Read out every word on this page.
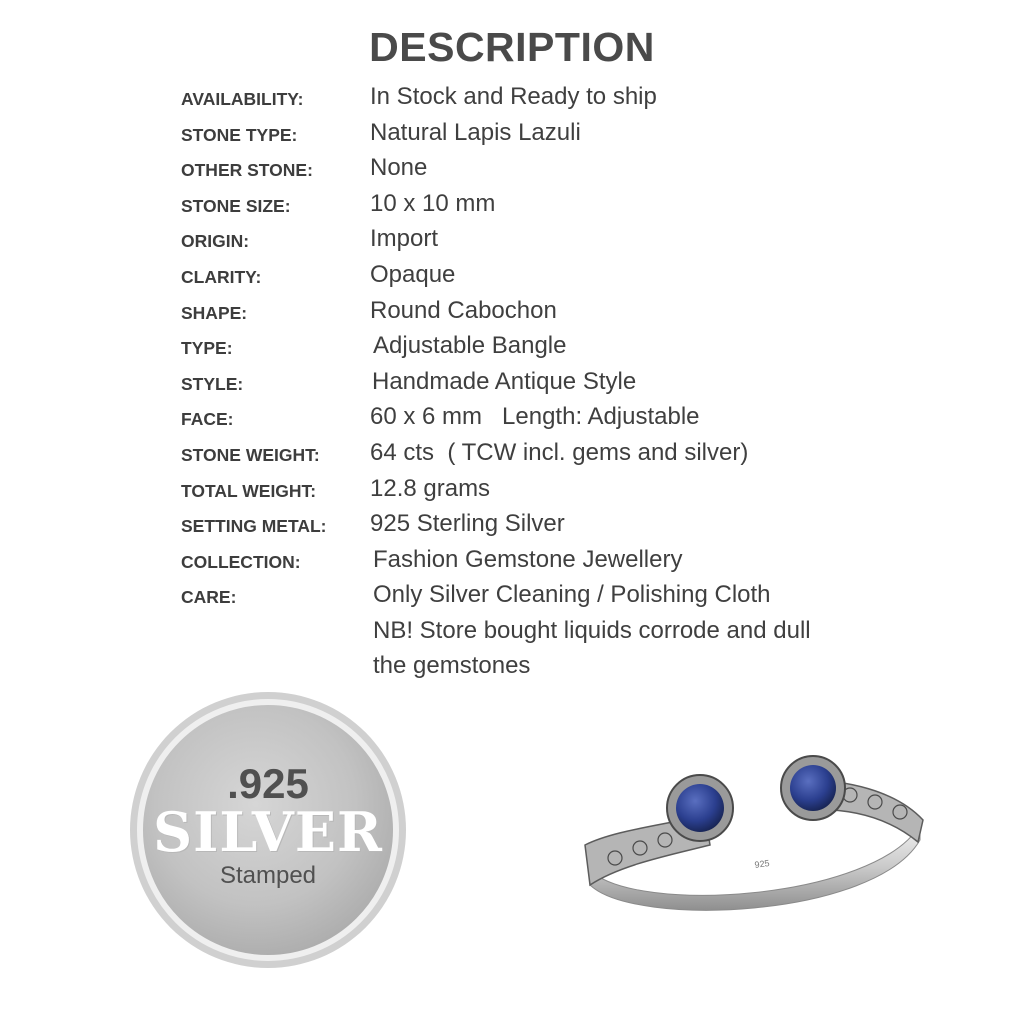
DESCRIPTION
AVAILABILITY:	In Stock and Ready to ship
STONE TYPE:	Natural Lapis Lazuli
OTHER STONE: None
STONE SIZE:	10 x 10 mm
ORIGIN:	Import
CLARITY:	Opaque
SHAPE:	Round Cabochon
TYPE:	Adjustable Bangle
STYLE:	Handmade Antique Style
FACE:	60 x 6 mm   Length: Adjustable
STONE WEIGHT: 64 cts  ( TCW incl. gems and silver)
TOTAL WEIGHT: 12.8 grams
SETTING METAL: 925 Sterling Silver
COLLECTION:	Fashion Gemstone Jewellery
CARE:	Only Silver Cleaning / Polishing Cloth
NB! Store bought liquids corrode and dull
the gemstones
.925
SILVER
Stamped	925
